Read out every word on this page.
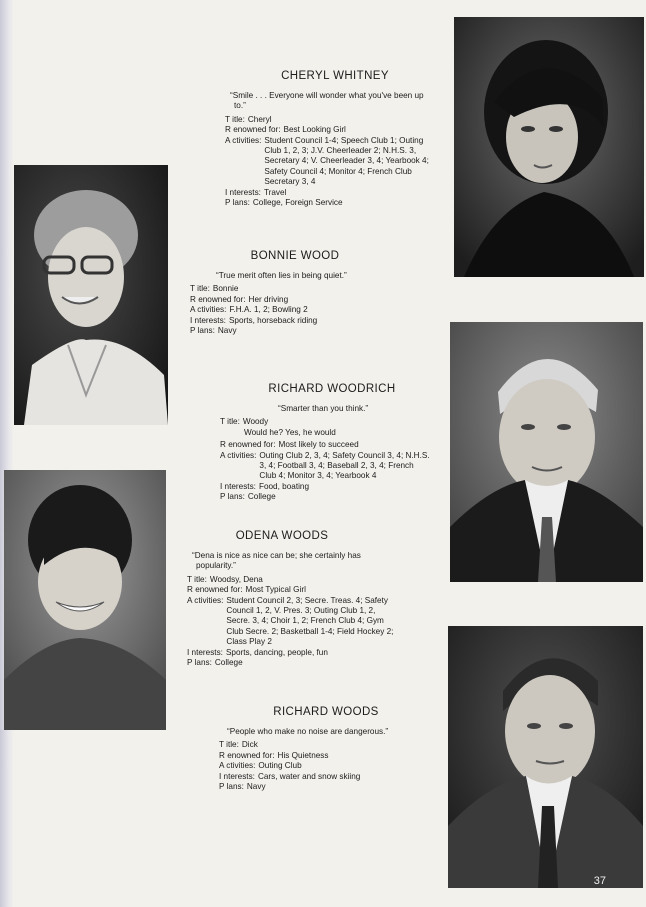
CHERYL WHITNEY
“Smile . . . Everyone will wonder what you've been up to.”
T itle: Cheryl
R enowned for: Best Looking Girl
A ctivities: Student Council 1-4; Speech Club 1; Outing Club 1, 2, 3; J.V. Cheerleader 2; N.H.S. 3, Secretary 4; V. Cheerleader 3, 4; Yearbook 4; Safety Council 4; Monitor 4; French Club Secretary 3, 4
I nterests: Travel
P lans: College, Foreign Service
BONNIE WOOD
“True merit often lies in being quiet.”
T itle: Bonnie
R enowned for: Her driving
A ctivities: F.H.A. 1, 2; Bowling 2
I nterests: Sports, horseback riding
P lans: Navy
RICHARD WOODRICH
“Smarter than you think.”
T itle: Woody
Would he? Yes, he would
R enowned for: Most likely to succeed
A ctivities: Outing Club 2, 3, 4; Safety Council 3, 4; N.H.S. 3, 4; Football 3, 4; Baseball 2, 3, 4; French Club 4; Monitor 3, 4; Yearbook 4
I nterests: Food, boating
P lans: College
ODENA WOODS
“Dena is nice as nice can be; she certainly has popularity.”
T itle: Woodsy, Dena
R enowned for: Most Typical Girl
A ctivities: Student Council 2, 3; Secre. Treas. 4; Safety Council 1, 2, V. Pres. 3; Outing Club 1, 2, Secre. 3, 4; Choir 1, 2; French Club 4; Gym Club Secre. 2; Basketball 1-4; Field Hockey 2; Class Play 2
I nterests: Sports, dancing, people, fun
P lans: College
RICHARD WOODS
“People who make no noise are dangerous.”
T itle: Dick
R enowned for: His Quietness
A ctivities: Outing Club
I nterests: Cars, water and snow skiing
P lans: Navy
37
